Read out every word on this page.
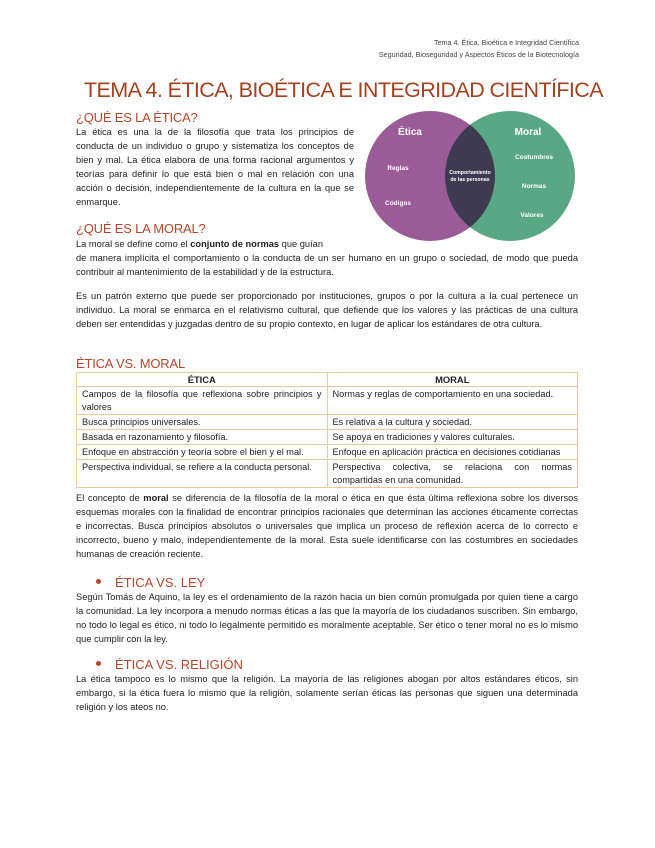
Tema 4. Ética, Bioética e Integridad Científica
Seguridad, Bioseguridad y Aspectos Éticos de la Biotecnología
TEMA 4. ÉTICA, BIOÉTICA E INTEGRIDAD CIENTÍFICA
¿QUÉ ES LA ÉTICA?
La ética es una la de la filosofía que trata los principios de conducta de un individuo o grupo y sistematiza los conceptos de bien y mal. La ética elabora de una forma racional argumentos y teorías para definir lo que está bien o mal en relación con una acción o decisión, independientemente de la cultura en la que se enmarque.
Ética
Reglas
Códigos
Comportamiento
de las personas
Moral
Costumbres
Normas
Valores
¿QUÉ ES LA MORAL?
La moral se define como el conjunto de normas que guían
de manera implícita el comportamiento o la conducta de un ser humano en un grupo o sociedad, de modo que pueda contribuir al mantenimiento de la estabilidad y de la estructura.
Es un patrón externo que puede ser proporcionado por instituciones, grupos o por la cultura a la cual pertenece un individuo. La moral se enmarca en el relativismo cultural, que defiende que los valores y las prácticas de una cultura deben ser entendidas y juzgadas dentro de su propio contexto, en lugar de aplicar los estándares de otra cultura.
ÉTICA VS. MORAL
ÉTICA	MORAL
Campos de la filosofía que reflexiona sobre principios y valores	Normas y reglas de comportamiento en una sociedad.
Busca principios universales.	Es relativa a la cultura y sociedad.
Basada en razonamiento y filosofía.	Se apoya en tradiciones y valores culturales.
Enfoque en abstracción y teoría sobre el bien y el mal.	Enfoque en aplicación práctica en decisiones cotidianas
Perspectiva individual, se refiere a la conducta personal.	Perspectiva colectiva, se relaciona con normas compartidas en una comunidad.
El concepto de moral se diferencia de la filosofía de la moral o ética en que ésta última reflexiona sobre los diversos esquemas morales con la finalidad de encontrar principios racionales que determinan las acciones éticamente correctas e incorrectas. Busca principios absolutos o universales que implica un proceso de reflexión acerca de lo correcto e incorrecto, bueno y malo, independientemente de la moral. Esta suele identificarse con las costumbres en sociedades humanas de creación reciente.
ÉTICA VS. LEY
Según Tomás de Aquino, la ley es el ordenamiento de la razón hacia un bien común promulgada por quien tiene a cargo la comunidad. La ley incorpora a menudo normas éticas a las que la mayoría de los ciudadanos suscriben. Sin embargo, no todo lo legal es ético, ni todo lo legalmente permitido es moralmente aceptable. Ser ético o tener moral no es lo mismo que cumplir con la ley.
ÉTICA VS. RELIGIÓN
La ética tampoco es lo mismo que la religión. La mayoría de las religiones abogan por altos estándares éticos, sin embargo, si la ética fuera lo mismo que la religión, solamente serían éticas las personas que siguen una determinada religión y los ateos no.
